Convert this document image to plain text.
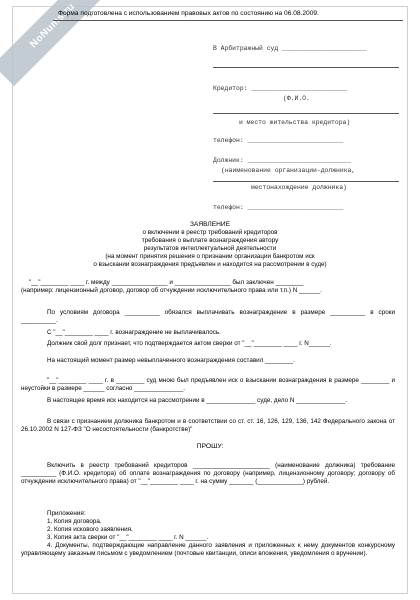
NoNums.ru
Форма подготовлена с использованием правовых актов по состоянию на 06.08.2009.
В Арбитражный суд ______________________
Кредитор: _________________________
(Ф.И.О.
и место жительства кредитора)
телефон: _________________________
Должник: ___________________________
(наименование организации-должника,
местонахождение должника)
телефон: _________________________
ЗАЯВЛЕНИЕ
о включении в реестр требований кредиторов
требования о выплате вознаграждения автору
результатов интеллектуальной деятельности
(на момент принятия решения о признании организации банкротом иск
о взыскании вознаграждения предъявлен и находится на рассмотрении в суде)
"__"________ ____ г. между ________________ и ________________ был заключен ________
(например: лицензионный договор, договор об отчуждении исключительного права или т.п.) N ______.
По условиям договора __________ обязался выплачивать вознаграждение в размере __________ в сроки __________.
С "__"________ ____ г. вознаграждение не выплачивалось.
Должник свой долг признает, что подтверждается актом сверки от "__"________ ____ г. N______.
На настоящий момент размер невыплаченного вознаграждения составил ________.
"__"________ ____ г. в ________ суд мною был предъявлен иск о взыскании вознаграждения в размере ________ и неустойки в размере ______ согласно ______________.
В настоящее время иск находится на рассмотрении в ______________ суде, дело N ______________.
В связи с признанием должника банкротом и в соответствии со ст. ст. 16, 126, 129, 136, 142 Федерального закона от 26.10.2002 N 127-ФЗ "О несостоятельности (банкротстве)"
ПРОШУ:
Включить в реестр требований кредиторов ______________________ (наименование должника) требование __________ (Ф.И.О. кредитора) об оплате вознаграждения по договору (например, лицензионному договору; договору об отчуждении исключительного права) от "__"________ ____ г. на сумму _______ (_____________) рублей.
Приложения:
1. Копия договора.
2. Копия искового заявления.
3. Копия акта сверки от "__"________ ____ г. N ______.
4. Документы, подтверждающие направление данного заявления и приложенных к нему документов конкурсному управляющему заказным письмом с уведомлением (почтовые квитанции, описи вложения, уведомления о вручении).
